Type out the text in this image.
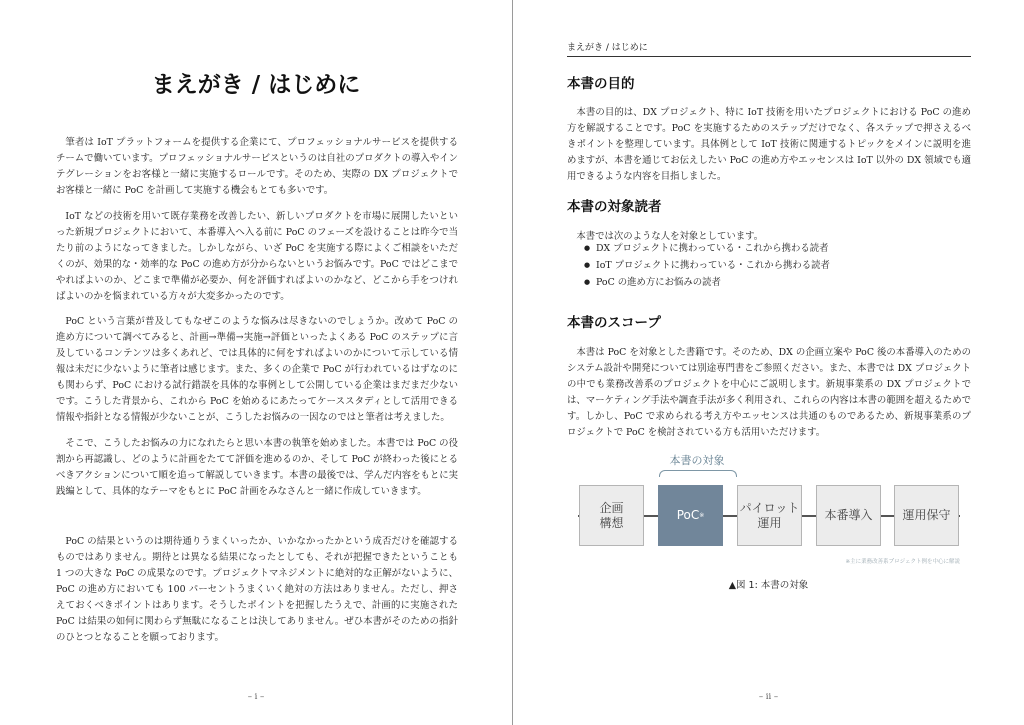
まえがき / はじめに

筆者は IoT プラットフォームを提供する企業にて、プロフェッショナルサービスを提供するチームで働いています。プロフェッショナルサービスというのは自社のプロダクトの導入やインテグレーションをお客様と一緒に実施するロールです。そのため、実際の DX プロジェクトでお客様と一緒に PoC を計画して実施する機会もとても多いです。

IoT などの技術を用いて既存業務を改善したい、新しいプロダクトを市場に展開したいといった新規プロジェクトにおいて、本番導入へ入る前に PoC のフェーズを設けることは昨今で当たり前のようになってきました。しかしながら、いざ PoC を実施する際によくご相談をいただくのが、効果的な・効率的な PoC の進め方が分からないというお悩みです。PoC ではどこまでやればよいのか、どこまで準備が必要か、何を評価すればよいのかなど、どこから手をつければよいのかを悩まれている方々が大変多かったのです。

PoC という言葉が普及してもなぜこのような悩みは尽きないのでしょうか。改めて PoC の進め方について調べてみると、計画→準備→実施→評価といったよくある PoC のステップに言及しているコンテンツは多くあれど、では具体的に何をすればよいのかについて示している情報は未だに少ないように筆者は感じます。また、多くの企業で PoC が行われているはずなのにも関わらず、PoC における試行錯誤を具体的な事例として公開している企業はまだまだ少ないです。こうした背景から、これから PoC を始めるにあたってケーススタディとして活用できる情報や指針となる情報が少ないことが、こうしたお悩みの一因なのではと筆者は考えました。

そこで、こうしたお悩みの力になれたらと思い本書の執筆を始めました。本書では PoC の役割から再認識し、どのように計画をたてて評価を進めるのか、そして PoC が終わった後にとるべきアクションについて順を追って解説していきます。本書の最後では、学んだ内容をもとに実践編として、具体的なテーマをもとに PoC 計画をみなさんと一緒に作成していきます。

PoC の結果というのは期待通りうまくいったか、いかなかったかという成否だけを確認するものではありません。期待とは異なる結果になったとしても、それが把握できたということも 1 つの大きな PoC の成果なのです。プロジェクトマネジメントに絶対的な正解がないように、PoC の進め方においても 100 パーセントうまくいく絶対の方法はありません。ただし、押さえておくべきポイントはあります。そうしたポイントを把握したうえで、計画的に実施された PoC は結果の如何に関わらず無駄になることは決してありません。ぜひ本書がそのための指針のひとつとなることを願っております。

– i –
まえがき / はじめに
本書の目的

本書の目的は、DX プロジェクト、特に IoT 技術を用いたプロジェクトにおける PoC の進め方を解説することです。PoC を実施するためのステップだけでなく、各ステップで押さえるべきポイントを整理しています。具体例として IoT 技術に関連するトピックをメインに説明を進めますが、本書を通じてお伝えしたい PoC の進め方やエッセンスは IoT 以外の DX 領域でも適用できるような内容を目指しました。

本書の対象読者

本書では次のような人を対象としています。

● DX プロジェクトに携わっている・これから携わる読者
● IoT プロジェクトに携わっている・これから携わる読者
● PoC の進め方にお悩みの読者
本書のスコープ

本書は PoC を対象とした書籍です。そのため、DX の企画立案や PoC 後の本番導入のためのシステム設計や開発については別途専門書をご参照ください。また、本書では DX プロジェクトの中でも業務改善系のプロジェクトを中心にご説明します。新規事業系の DX プロジェクトでは、マーケティング手法や調査手法が多く利用され、これらの内容は本書の範囲を超えるためです。しかし、PoC で求められる考え方やエッセンスは共通のものであるため、新規事業系のプロジェクトで PoC を検討されている方も活用いただけます。

本書の対象
企画
構想
PoC ※
パイロット
運用
本番導入	運用保守
※主に業務改善系プロジェクト例を中心に解説
▲図 1: 本書の対象
– ii –
